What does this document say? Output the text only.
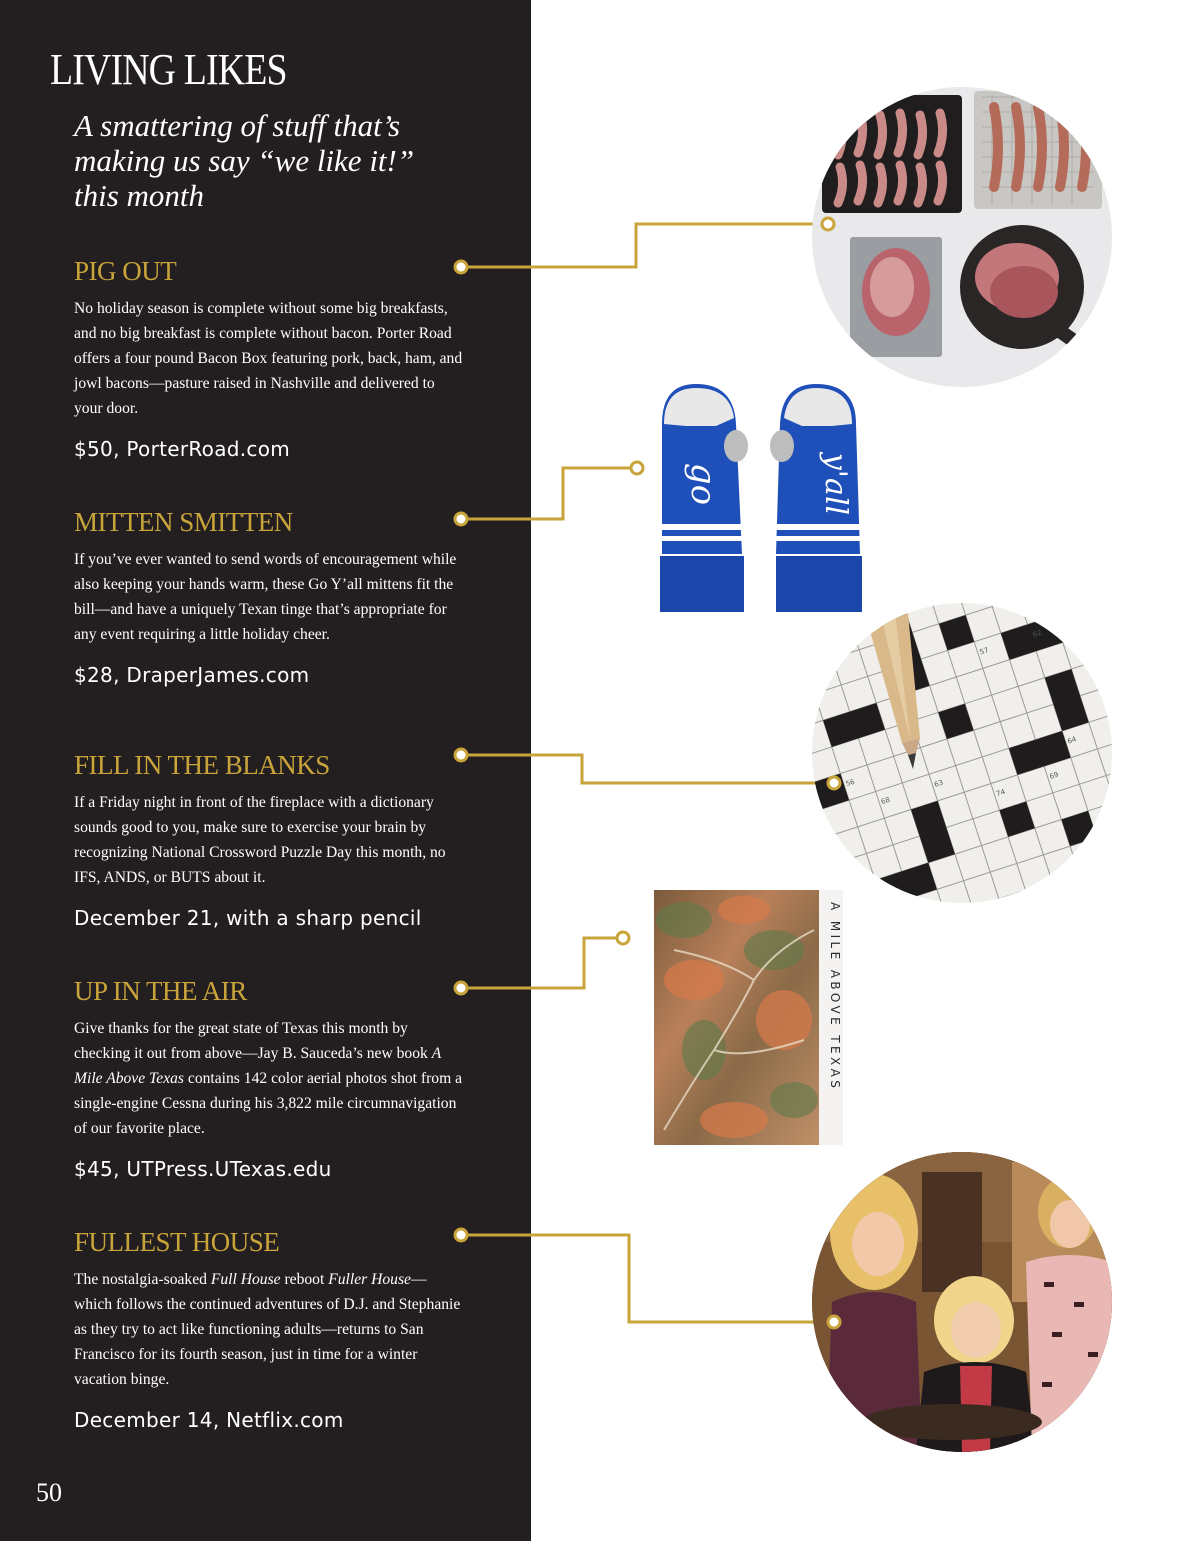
LIVING LIKES

A smattering of stuff that’s making us say “we like it!” this month

PIG OUT

No holiday season is complete without some big breakfasts, and no big breakfast is complete without bacon. Porter Road offers a four pound Bacon Box featuring pork, back, ham, and jowl bacons—pasture raised in Nashville and delivered to your door.

$50, PorterRoad.com
MITTEN SMITTEN

If you’ve ever wanted to send words of encouragement while also keeping your hands warm, these Go Y’all mittens fit the bill—and have a uniquely Texan tinge that’s appropriate for any event requiring a little holiday cheer.

$28, DraperJames.com
FILL IN THE BLANKS

If a Friday night in front of the fireplace with a dictionary sounds good to you, make sure to exercise your brain by recognizing National Crossword Puzzle Day this month, no IFS, ANDS, or BUTS about it.

December 21, with a sharp pencil
UP IN THE AIR

Give thanks for the great state of Texas this month by checking it out from above—Jay B. Sauceda’s new book A Mile Above Texas contains 142 color aerial photos shot from a single-engine Cessna during his 3,822 mile circumnavigation of our favorite place.

$45, UTPress.UTexas.edu
FULLEST HOUSE

The nostalgia-soaked Full House reboot Fuller House—which follows the continued adventures of D.J. and Stephanie as they try to act like functioning adults—returns to San Francisco for its fourth season, just in time for a winter vacation binge.

December 14, Netflix.com
50
go	y'all
57
62
64
69
74
63
68
56
A MILE ABOVE TEXAS
